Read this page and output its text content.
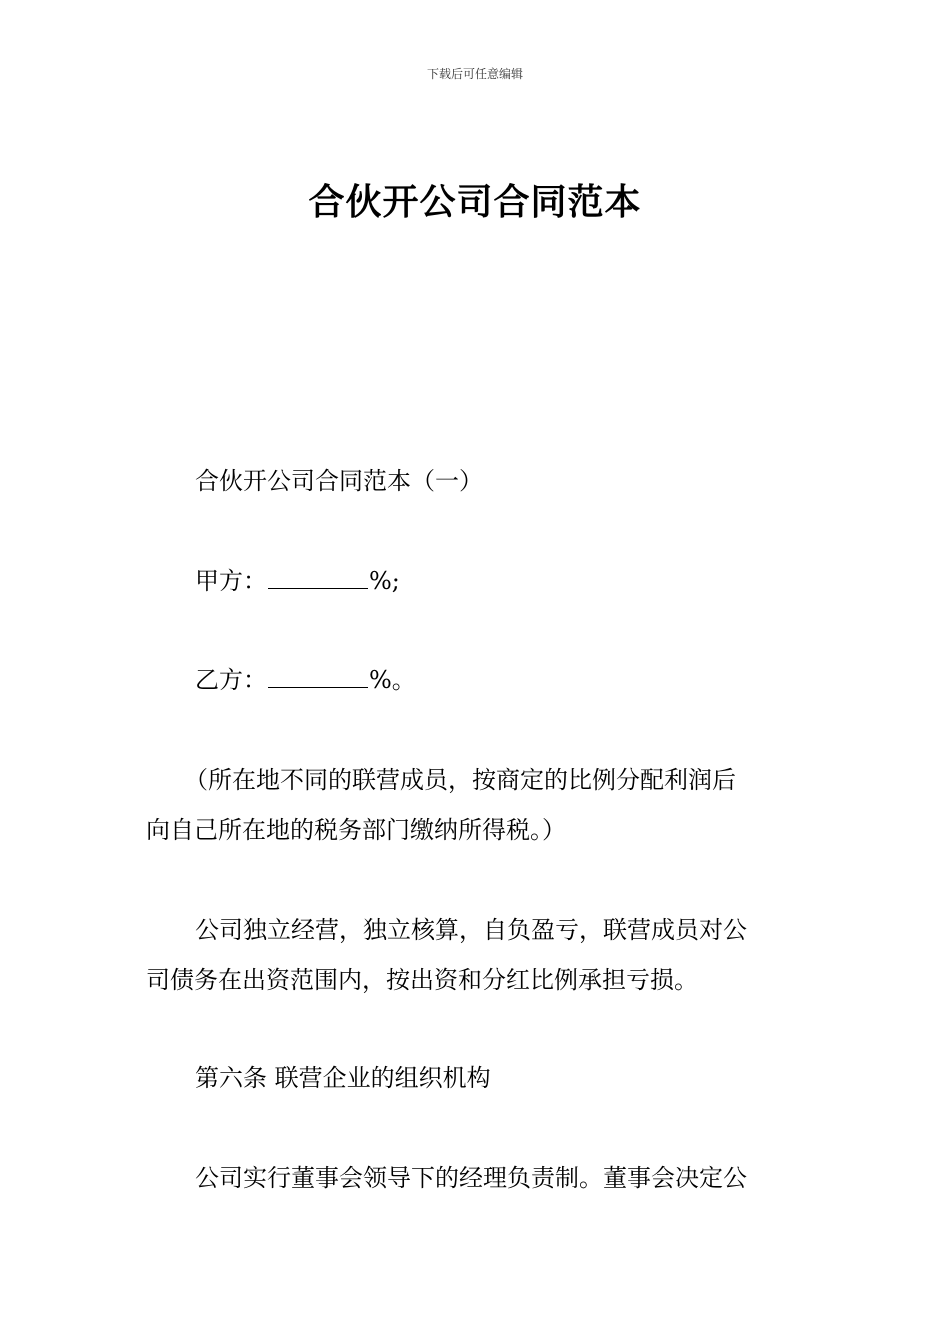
下载后可任意编辑
合伙开公司合同范本
合伙开公司合同范本（一）
甲方：	%;
乙方：	%。
（所在地不同的联营成员，按商定的比例分配利润后
向自己所在地的税务部门缴纳所得税。）
公司独立经营，独立核算，自负盈亏，联营成员对公
司债务在出资范围内，按出资和分红比例承担亏损。
第六条 联营企业的组织机构
公司实行董事会领导下的经理负责制。董事会决定公
